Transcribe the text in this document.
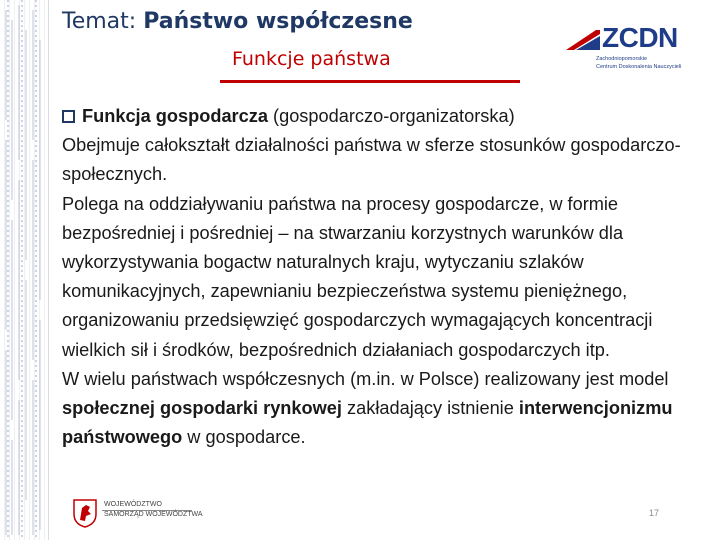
Temat: Państwo współczesne
Funkcje państwa
ZCDN
Zachodniopomorskie
Centrum Doskonalenia Nauczycieli

Funkcja gospodarcza (gospodarczo-organizatorska)

Obejmuje całokształt działalności państwa w sferze stosunków gospodarczo-społecznych.

Polega na oddziaływaniu państwa na procesy gospodarcze, w formie bezpośredniej i pośredniej – na stwarzaniu korzystnych warunków dla wykorzystywania bogactw naturalnych kraju, wytyczaniu szlaków komunikacyjnych, zapewnianiu bezpieczeństwa systemu pieniężnego, organizowaniu przedsięwzięć gospodarczych wymagających koncentracji wielkich sił i środków, bezpośrednich działaniach gospodarczych itp.

W wielu państwach współczesnych (m.in. w Polsce) realizowany jest model społecznej gospodarki rynkowej zakładający istnienie interwencjonizmu państwowego w gospodarce.

WOJEWÓDZTWO
SAMORZĄD WOJEWÓDZTWA	17
